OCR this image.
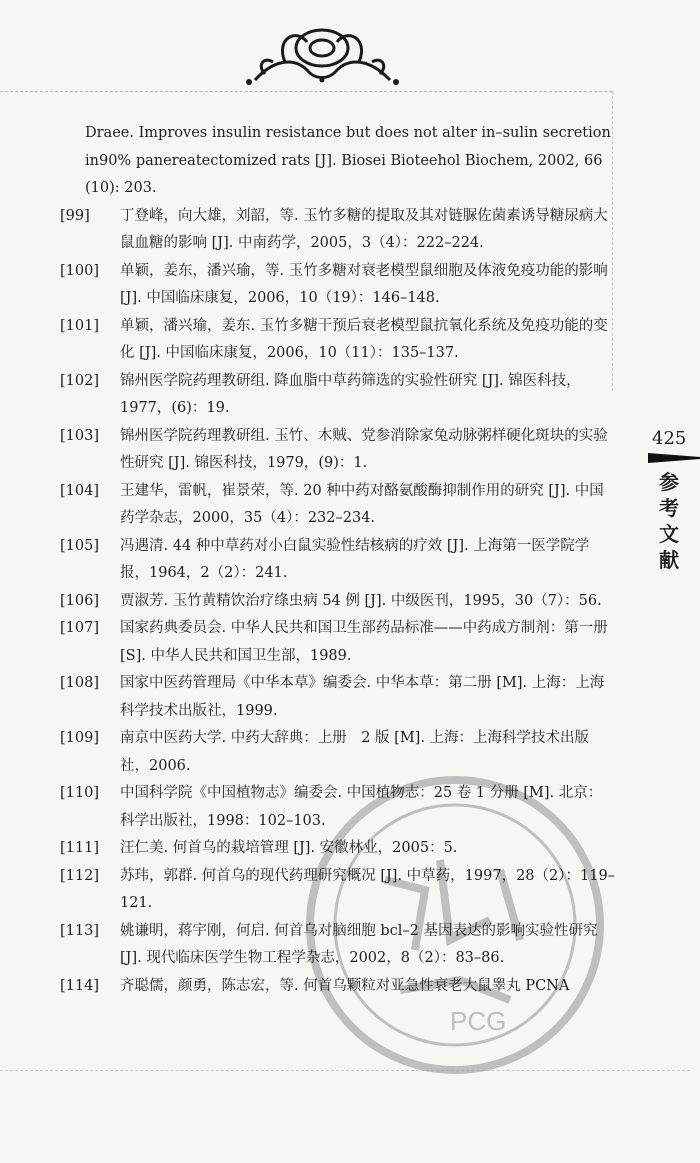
PCG
Draee. Improves insulin resistance but does not alter in–sulin secretion in90% panereatectomized rats [J]. Biosei Bioteehol Biochem, 2002, 66 (10): 203.
[99]	丁登峰，向大雄，刘韶，等. 玉竹多糖的提取及其对链脲佐菌素诱导糖尿病大鼠血糖的影响 [J]. 中南药学，2005，3（4）：222–224.
[100]	单颖，姜东，潘兴瑜，等. 玉竹多糖对衰老模型鼠细胞及体液免疫功能的影响 [J]. 中国临床康复，2006，10（19）：146–148.
[101]	单颖，潘兴瑜，姜东. 玉竹多糖干预后衰老模型鼠抗氧化系统及免疫功能的变化 [J]. 中国临床康复，2006，10（11）：135–137.
[102]	锦州医学院药理教研组. 降血脂中草药筛选的实验性研究 [J]. 锦医科技，1977，(6)：19.
[103]	锦州医学院药理教研组. 玉竹、木贼、党参消除家兔动脉粥样硬化斑块的实验性研究 [J]. 锦医科技，1979，(9)：1.
[104]	王建华，雷帆，崔景荣，等. 20 种中药对酪氨酸酶抑制作用的研究 [J]. 中国药学杂志，2000，35（4）：232–234.
[105]	冯遇清. 44 种中草药对小白鼠实验性结核病的疗效 [J]. 上海第一医学院学报，1964，2（2）：241.
[106]	贾淑芳. 玉竹黄精饮治疗绦虫病 54 例 [J]. 中级医刊，1995，30（7）：56.
[107]	国家药典委员会. 中华人民共和国卫生部药品标准——中药成方制剂：第一册 [S]. 中华人民共和国卫生部，1989.
[108]	国家中医药管理局《中华本草》编委会. 中华本草：第二册 [M]. 上海：上海科学技术出版社，1999.
[109]	南京中医药大学. 中药大辞典：上册　2 版 [M]. 上海：上海科学技术出版社，2006.
[110]	中国科学院《中国植物志》编委会. 中国植物志：25 卷 1 分册 [M]. 北京：科学出版社，1998：102–103.
[111]	汪仁美. 何首乌的栽培管理 [J]. 安徽林业，2005：5.
[112]	苏玮，郭群. 何首乌的现代药理研究概况 [J]. 中草药，1997，28（2）：119–121.
[113]	姚谦明，蒋宇刚，何启. 何首乌对脑细胞 bcl–2 基因表达的影响实验性研究 [J]. 现代临床医学生物工程学杂志，2002，8（2）：83–86.
[114]	齐聪儒，颜勇，陈志宏，等. 何首乌颗粒对亚急性衰老大鼠睾丸 PCNA
425
参考文献
